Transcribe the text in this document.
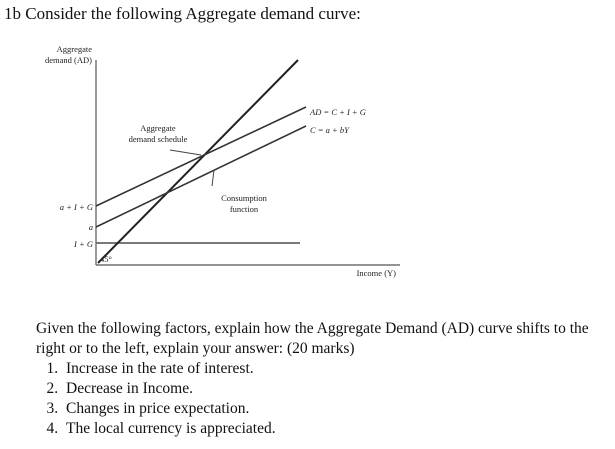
1b Consider the following Aggregate demand curve:
Aggregate
demand (AD)
a + I + G
a
I + G
45°
Aggregate
demand schedule
Consumption
function
AD = C + I + G
C = a + bY
Income (Y)

Given the following factors, explain how the Aggregate Demand (AD) curve shifts to the right or to the left, explain your answer: (20 marks)

1. Increase in the rate of interest.
2. Decrease in Income.
3. Changes in price expectation.
4. The local currency is appreciated.
